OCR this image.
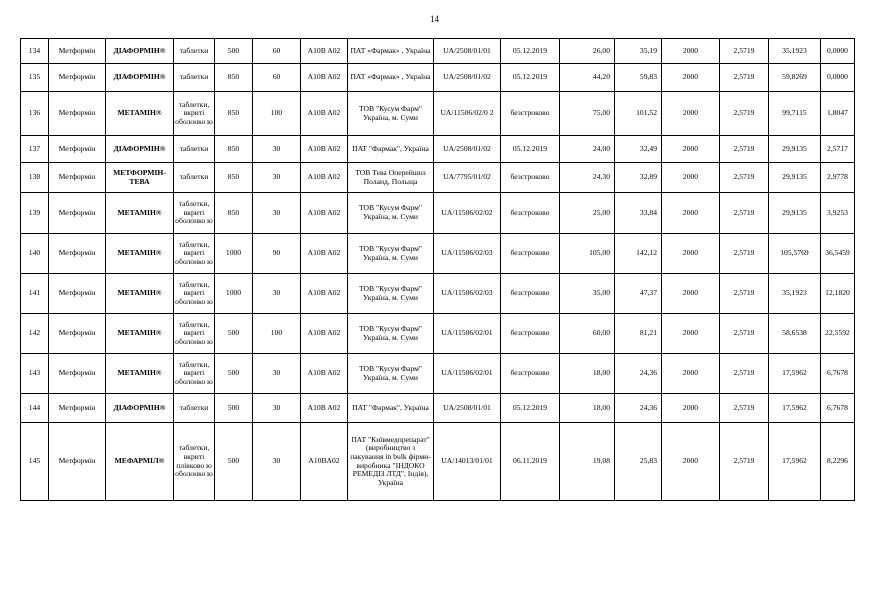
14
134	Метформін	ДІАФОРМІН®	таблетки	500	60	A10B A02	ПАТ «Фармак» , Україна	UA/2508/01/01	05.12.2019	26,00	35,19	2000	2,5719	35,1923	0,0000
135	Метформін	ДІАФОРМІН®	таблетки	850	60	A10B A02	ПАТ «Фармак» , Україна	UA/2508/01/02	05.12.2019	44,20	59,83	2000	2,5719	59,8269	0,0000
136	Метформін	МЕТАМІН®	таблетки, вкриті оболонко ю	850	100	A10B A02	ТОВ "Кусум Фарм" Україна, м. Суми	UA/11506/02/0 2	безстроково	75,00	101,52	2000	2,5719	99,7115	1,8047
137	Метформін	ДІАФОРМІН®	таблетки	850	30	A10B A02	ПАТ "Фармак", Україна	UA/2508/01/02	05.12.2019	24,00	32,49	2000	2,5719	29,9135	2,5717
138	Метформін	МЕТФОРМІН-ТЕВА	таблетки	850	30	A10B A02	ТОВ Тева Оперейшнз Поланд, Польща	UA/7795/01/02	безстроково	24,30	32,89	2000	2,5719	29,9135	2,9778
139	Метформін	МЕТАМІН®	таблетки, вкриті оболонко ю	850	30	A10B A02	ТОВ "Кусум Фарм" Україна, м. Суми	UA/11506/02/02	безстроково	25,00	33,84	2000	2,5719	29,9135	3,9253
140	Метформін	МЕТАМІН®	таблетки, вкриті оболонко ю	1000	90	A10B A02	ТОВ "Кусум Фарм" Україна, м. Суми	UA/11506/02/03	безстроково	105,00	142,12	2000	2,5719	105,5769	36,5459
141	Метформін	МЕТАМІН®	таблетки, вкриті оболонко ю	1000	30	A10B A02	ТОВ "Кусум Фарм" Україна, м. Суми	UA/11506/02/03	безстроково	35,00	47,37	2000	2,5719	35,1923	12,1820
142	Метформін	МЕТАМІН®	таблетки, вкриті оболонко ю	500	100	A10B A02	ТОВ "Кусум Фарм" Україна, м. Суми	UA/11506/02/01	безстроково	60,00	81,21	2000	2,5719	58,6538	22,5592
143	Метформін	МЕТАМІН®	таблетки, вкриті оболонко ю	500	30	A10B A02	ТОВ "Кусум Фарм" Україна, м. Суми	UA/11506/02/01	безстроково	18,00	24,36	2000	2,5719	17,5962	6,7678
144	Метформін	ДІАФОРМІН®	таблетки	500	30	A10B A02	ПАТ "Фармак", Україна	UA/2508/01/01	05.12.2019	18,00	24,36	2000	2,5719	17,5962	6,7678
145	Метформін	МЕФАРМІЛ®	таблетки, вкриті плівково ю оболонко ю	500	30	A10BA02	ПАТ "Київмедпрепарат" (виробництво з пакування in bulk фірми-виробника "ІНДОКО РЕМЕДІЗ ЛТД", Індія), Україна	UA/14013/01/01	06.11.2019	19,08	25,83	2000	2,5719	17,5962	8,2296
